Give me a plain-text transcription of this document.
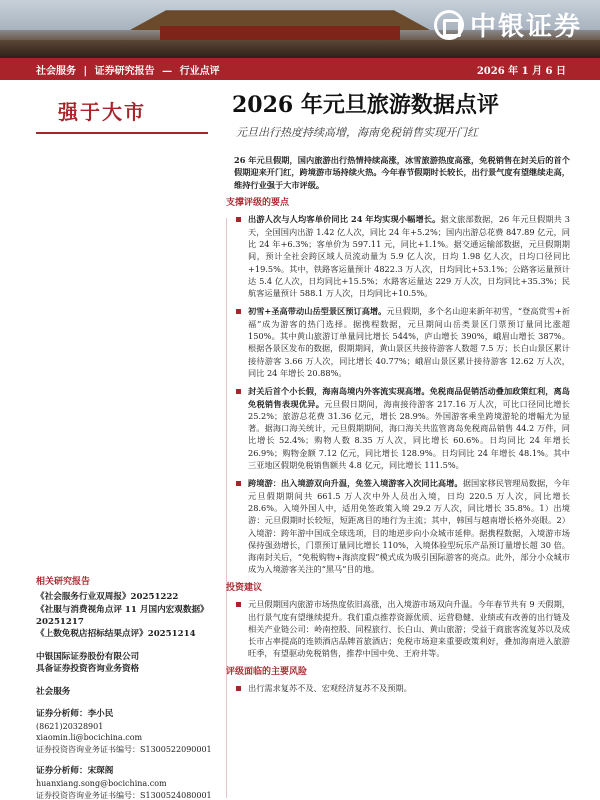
中银证券
社会服务 | 证券研究报告 — 行业点评	2026 年 1 月 6 日
强于大市	2026 年元旦旅游数据点评
元旦出行热度持续高增，海南免税销售实现开门红

26 年元旦假期，国内旅游出行热情持续高涨，冰雪旅游热度高涨，免税销售在封关后的首个假期迎来开门红，跨境游市场持续火热。今年春节假期时长较长，出行景气度有望继续走高，维持行业强于大市评级。

支撑评级的要点
出游人次与人均客单价同比 24 年均实现小幅增长。据文旅部数据，26 年元旦假期共 3 天，全国国内出游 1.42 亿人次，同比 24 年+5.2%；国内出游总花费 847.89 亿元，同比 24 年+6.3%；客单价为 597.11 元，同比+1.1%。据交通运输部数据，元旦假期期间，预计全社会跨区域人员流动量为 5.9 亿人次，日均 1.98 亿人次，日均口径同比+19.5%。其中，铁路客运量预计 4822.3 万人次，日均同比+53.1%；公路客运量预计达 5.4 亿人次，日均同比+15.5%；水路客运量达 229 万人次，日均同比+35.3%；民航客运量预计 588.1 万人次，日均同比+10.5%。
初雪+圣高带动山岳型景区预订高增。元旦假期，多个名山迎来新年初雪，“登高赏雪+祈福”成为游客的热门选择。据携程数据，元旦期间山岳类景区门票预订量同比涨超 150%。其中黄山旅游订单量同比增长 544%，庐山增长 390%，峨眉山增长 387%。根据各景区发布的数据，假期期间，黄山景区共接待游客人数超 7.5 万；长白山景区累计接待游客 3.66 万人次，同比增长 40.77%；峨眉山景区累计接待游客 12.62 万人次，同比 24 年增长 20.88%。
封关后首个小长假，海南岛境内外客流实现高增。免税商品促销活动叠加政策红利，离岛免税销售表现优异。元旦假日期间，海南接待游客 217.16 万人次，可比口径同比增长 25.2%；旅游总花费 31.36 亿元，增长 28.9%。外国游客乘坐跨境游轮的增幅尤为显著。据海口海关统计，元旦假期期间，海口海关共监管离岛免税商品销售 44.2 万件，同比增长 52.4%；购物人数 8.35 万人次，同比增长 60.6%。日均同比 24 年增长 26.9%；购物金额 7.12 亿元，同比增长 128.9%。日均同比 24 年增长 48.1%。其中三亚地区假期免税销售额共 4.8 亿元，同比增长 111.5%。
跨境游：出入境游双向升温，免签入境游客入次同比高增。据国家移民管理局数据，今年元旦假期期间共 661.5 万人次中外人员出入境，日均 220.5 万人次，同比增长 28.6%。入境外国人中，适用免签政策入境 29.2 万人次，同比增长 35.8%。1）出境游：元旦假期时长较短，短距离目的地行为主流；其中，韩国与越南增长格外亮眼。2）入境游：跨年游中国成全球选项，目的地逆步向小众城市延伸。据携程数据，入境游市场保持强劲增长，门票预订量同比增长 110%，入境体验型玩乐产品预订量增长超 30 倍。海南封关后，“免税购物+海滨度假”模式成为吸引国际游客的亮点。此外，部分小众城市成为入境游客关注的“黑马”目的地。
投资建议
元旦假期国内旅游市场热度依旧高涨，出入境游市场双向升温。今年春节共有 9 天假期，出行景气度有望继续提升。我们重点推荐资源优质、运营稳健、业绩或有改善的出行链及相关产业链公司：岭南控股、同程旅行、长白山、黄山旅游；受益于商旅客流复苏以及成长市占率提高的连锁酒店品牌首旅酒店；免税市场迎来重要政策利好，叠加海南进入旅游旺季，有望驱动免税销售，推荐中国中免、王府井等。
评级面临的主要风险
出行需求复苏不及、宏观经济复苏不及预期。
相关研究报告
《社会服务行业双周报》20251222
《社服与消费视角点评 11 月国内宏观数据》20251217
《上数免税店招标结果点评》20251214
中银国际证券股份有限公司
具备证券投资咨询业务资格
社会服务
证券分析师：李小民
(8621)20328901
xiaomin.li@bocichina.com
证券投资咨询业务证书编号：S1300522090001
证券分析师：宋琛阁
huanxiang.song@bocichina.com
证券投资咨询业务证书编号：S1300524080001
